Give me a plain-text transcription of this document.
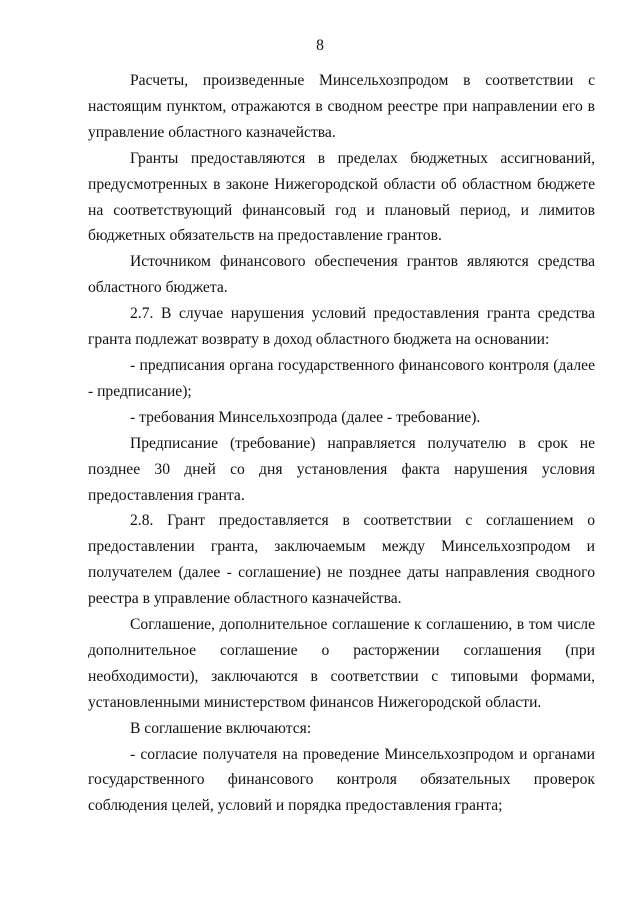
8

Расчеты, произведенные Минсельхозпродом в соответствии с настоящим пунктом, отражаются в сводном реестре при направлении его в управление областного казначейства.

Гранты предоставляются в пределах бюджетных ассигнований, предусмотренных в законе Нижегородской области об областном бюджете на соответствующий финансовый год и плановый период, и лимитов бюджетных обязательств на предоставление грантов.

Источником финансового обеспечения грантов являются средства областного бюджета.

2.7. В случае нарушения условий предоставления гранта средства гранта подлежат возврату в доход областного бюджета на основании:

- предписания органа государственного финансового контроля (далее - предписание);

- требования Минсельхозпрода (далее - требование).

Предписание (требование) направляется получателю в срок не позднее 30 дней со дня установления факта нарушения условия предоставления гранта.

2.8. Грант предоставляется в соответствии с соглашением о предоставлении гранта, заключаемым между Минсельхозпродом и получателем (далее - соглашение) не позднее даты направления сводного реестра в управление областного казначейства.

Соглашение, дополнительное соглашение к соглашению, в том числе дополнительное соглашение о расторжении соглашения (при необходимости), заключаются в соответствии с типовыми формами, установленными министерством финансов Нижегородской области.

В соглашение включаются:

- согласие получателя на проведение Минсельхозпродом и органами государственного финансового контроля обязательных проверок соблюдения целей, условий и порядка предоставления гранта;
